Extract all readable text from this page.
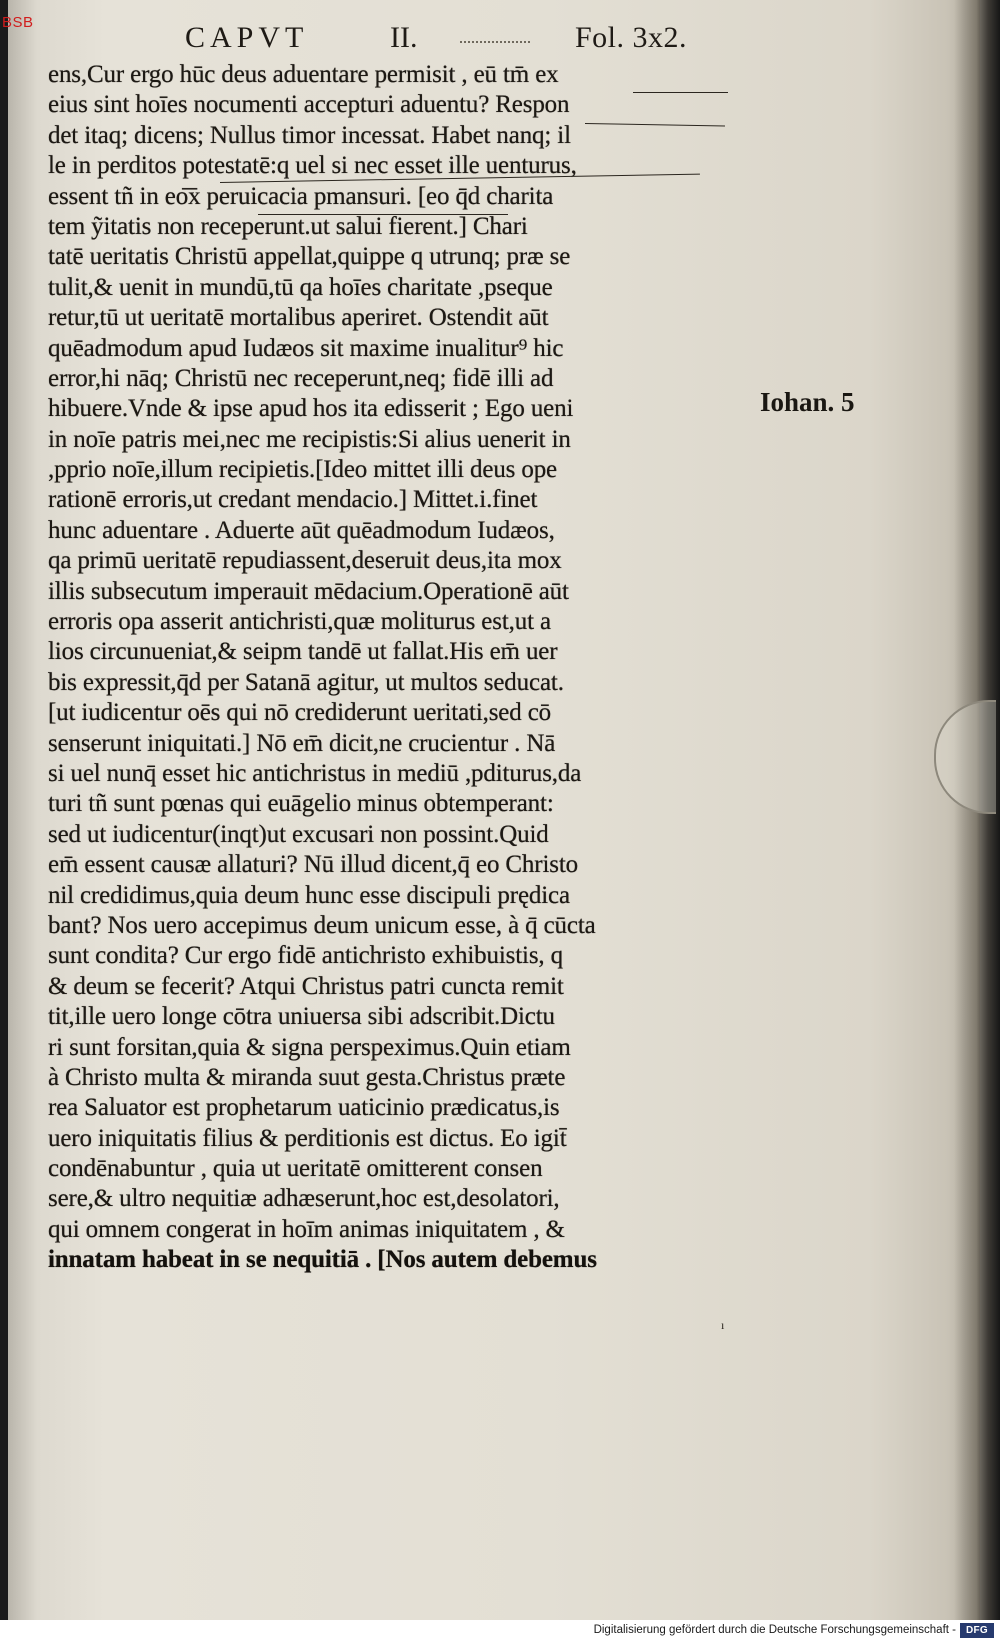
CAPVT	II.	Fol. 3x2.
ens,Cur ergo hūc deus aduentare permisit , eū tm̄ ex
eius sint hoīes nocumenti accepturi aduentu? Respon
det itaq; dicens; Nullus timor incessat. Habet nanq; il
le in perditos potestatē:q uel si nec esset ille uenturus,
essent tñ in eo͞x peruicacia pmansuri. [eo q̄d charita
tem ỹitatis non receperunt.ut salui fierent.] Chari
tatē ueritatis Christū appellat,quippe q utrunq; præ se
tulit,& uenit in mundū,tū qa hoīes charitate ,pseque
retur,tū ut ueritatē mortalibus aperiret. Ostendit aūt
quēadmodum apud Iudæos sit maxime inualitur⁹ hic
error,hi nāq; Christū nec receperunt,neq; fidē illi ad
hibuere.Vnde & ipse apud hos ita edisserit ; Ego ueni
in noīe patris mei,nec me recipistis:Si alius uenerit in
,pprio noīe,illum recipietis.[Ideo mittet illi deus ope
rationē erroris,ut credant mendacio.] Mittet.i.finet
hunc aduentare . Aduerte aūt quēadmodum Iudæos,
qa primū ueritatē repudiassent,deseruit deus,ita mox
illis subsecutum imperauit mēdacium.Operationē aūt
erroris opa asserit antichristi,quæ moliturus est,ut a
lios circunueniat,& seipm tandē ut fallat.His em̄ uer
bis expressit,q̄d per Satanā agitur, ut multos seducat.
[ut iudicentur oēs qui nō crediderunt ueritati,sed cō
senserunt iniquitati.] Nō em̄ dicit,ne crucientur . Nā
si uel nunq̄ esset hic antichristus in mediū ,pditurus,da
turi tñ sunt pœnas qui euāgelio minus obtemperant:
sed ut iudicentur(inqt)ut excusari non possint.Quid
em̄ essent causæ allaturi? Nū illud dicent,q̄ eo Christo
nil credidimus,quia deum hunc esse discipuli prędica
bant? Nos uero accepimus deum unicum esse, à q̄ cūcta
sunt condita? Cur ergo fidē antichristo exhibuistis, q
& deum se fecerit? Atqui Christus patri cuncta remit
tit,ille uero longe cōtra uniuersa sibi adscribit.Dictu
ri sunt forsitan,quia & signa perspeximus.Quin etiam
à Christo multa & miranda suut gesta.Christus præte
rea Saluator est prophetarum uaticinio prædicatus,is
uero iniquitatis filius & perditionis est dictus. Eo igit̄
condēnabuntur , quia ut ueritatē omitterent consen
sere,& ultro nequitiæ adhæserunt,hoc est,desolatori,
qui omnem congerat in hoīm animas iniquitatem , &
innatam habeat in se nequitiā . [Nos autem debemus
Iohan. 5
ı
BSB
Digitalisierung gefördert durch die Deutsche Forschungsgemeinschaft - DFG
